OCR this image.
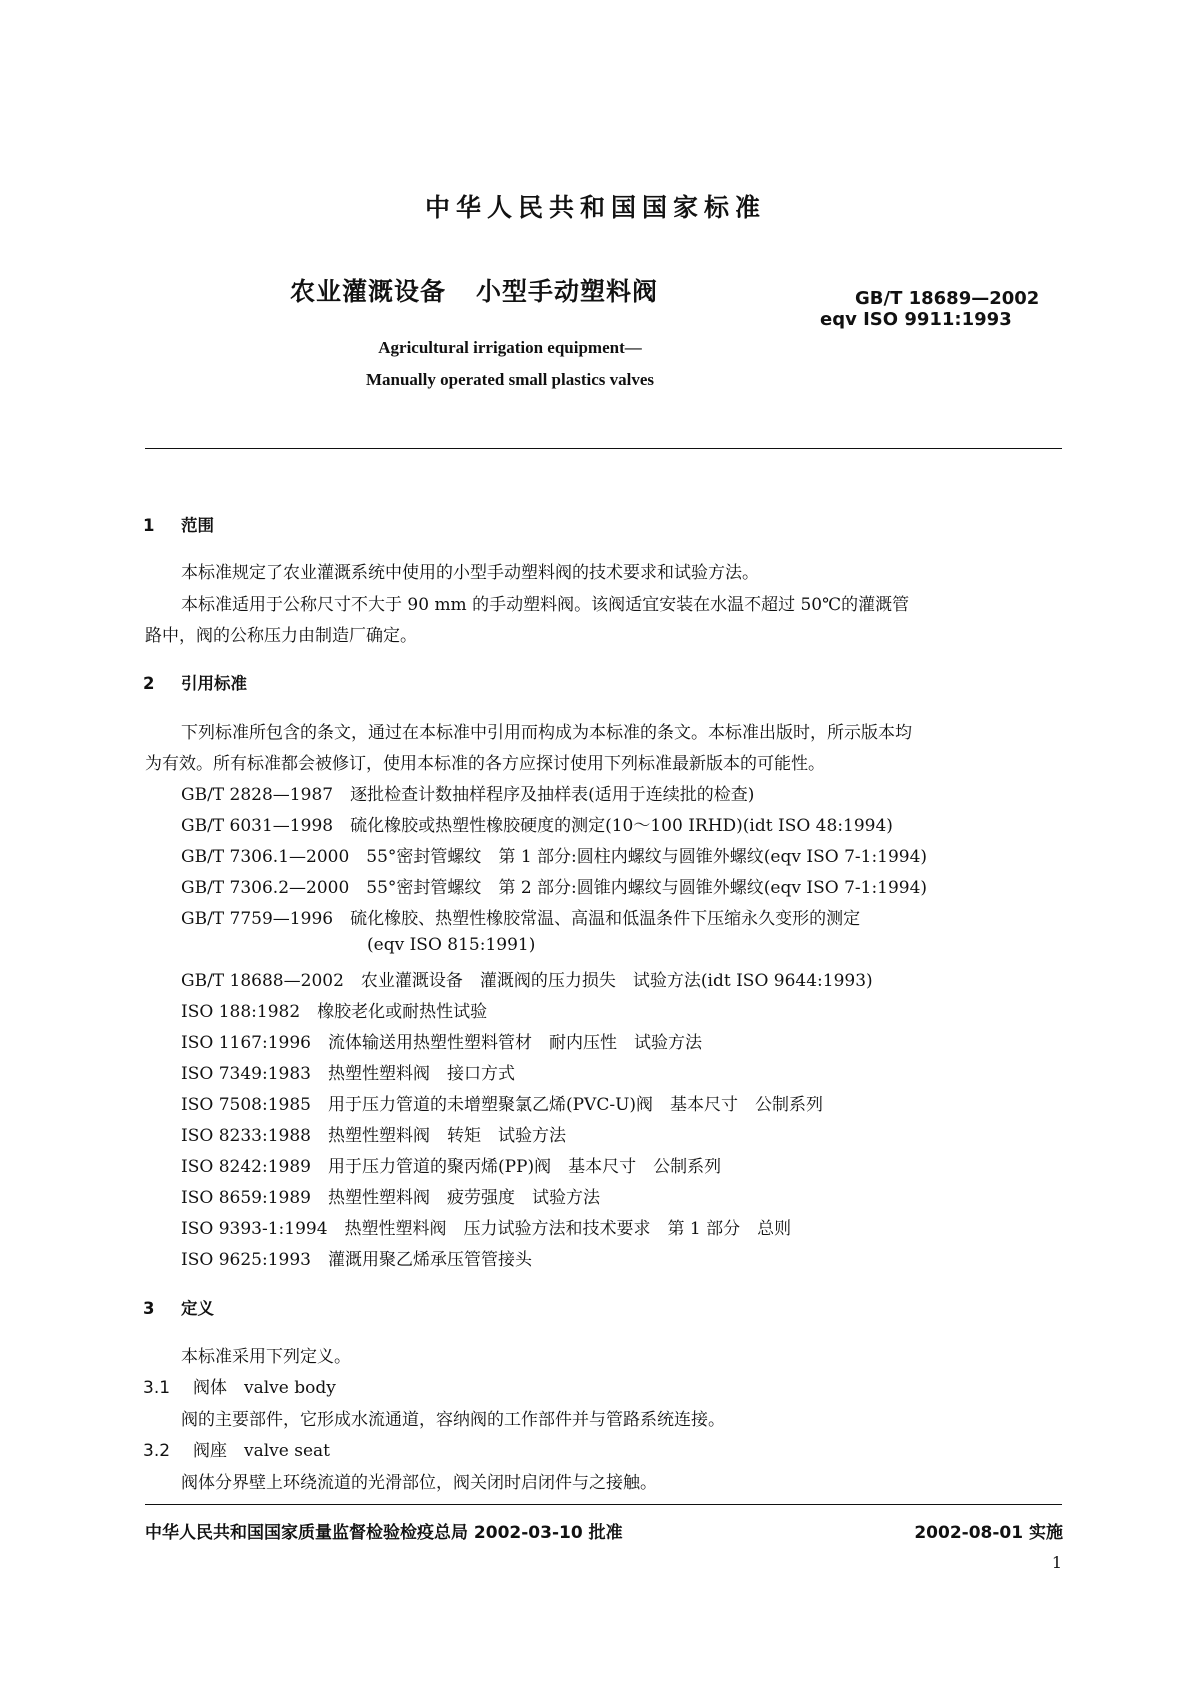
中华人民共和国国家标准
农业灌溉设备 小型手动塑料阀	GB/T 18689—2002
eqv ISO 9911:1993
Agricultural irrigation equipment—
Manually operated small plastics valves
1 范围
本标准规定了农业灌溉系统中使用的小型手动塑料阀的技术要求和试验方法。
本标准适用于公称尺寸不大于 90 mm 的手动塑料阀。该阀适宜安装在水温不超过 50℃的灌溉管
路中，阀的公称压力由制造厂确定。
2 引用标准
下列标准所包含的条文，通过在本标准中引用而构成为本标准的条文。本标准出版时，所示版本均
为有效。所有标准都会被修订，使用本标准的各方应探讨使用下列标准最新版本的可能性。
GB/T 2828—1987　 逐批检查计数抽样程序及抽样表(适用于连续批的检查)
GB/T 6031—1998　 硫化橡胶或热塑性橡胶硬度的测定(10～100 IRHD)(idt ISO 48:1994)
GB/T 7306.1—2000　 55°密封管螺纹　第 1 部分:圆柱内螺纹与圆锥外螺纹(eqv ISO 7-1:1994)
GB/T 7306.2—2000　 55°密封管螺纹　第 2 部分:圆锥内螺纹与圆锥外螺纹(eqv ISO 7-1:1994)
GB/T 7759—1996　 硫化橡胶、热塑性橡胶常温、高温和低温条件下压缩永久变形的测定
(eqv ISO 815:1991)
GB/T 18688—2002　 农业灌溉设备　灌溉阀的压力损失　试验方法(idt ISO 9644:1993)
ISO 188:1982　 橡胶老化或耐热性试验
ISO 1167:1996　 流体输送用热塑性塑料管材　耐内压性　试验方法
ISO 7349:1983　 热塑性塑料阀　接口方式
ISO 7508:1985　 用于压力管道的未增塑聚氯乙烯(PVC-U)阀　基本尺寸　公制系列
ISO 8233:1988　 热塑性塑料阀　转矩　试验方法
ISO 8242:1989　 用于压力管道的聚丙烯(PP)阀　基本尺寸　公制系列
ISO 8659:1989　 热塑性塑料阀　疲劳强度　试验方法
ISO 9393-1:1994　 热塑性塑料阀　压力试验方法和技术要求　第 1 部分　总则
ISO 9625:1993　 灌溉用聚乙烯承压管管接头
3 定义
本标准采用下列定义。
3.1 阀体　 valve body
阀的主要部件，它形成水流通道，容纳阀的工作部件并与管路系统连接。
3.2 阀座　 valve seat
阀体分界壁上环绕流道的光滑部位，阀关闭时启闭件与之接触。
中华人民共和国国家质量监督检验检疫总局 2002-03-10 批准	2002-08-01 实施
1
